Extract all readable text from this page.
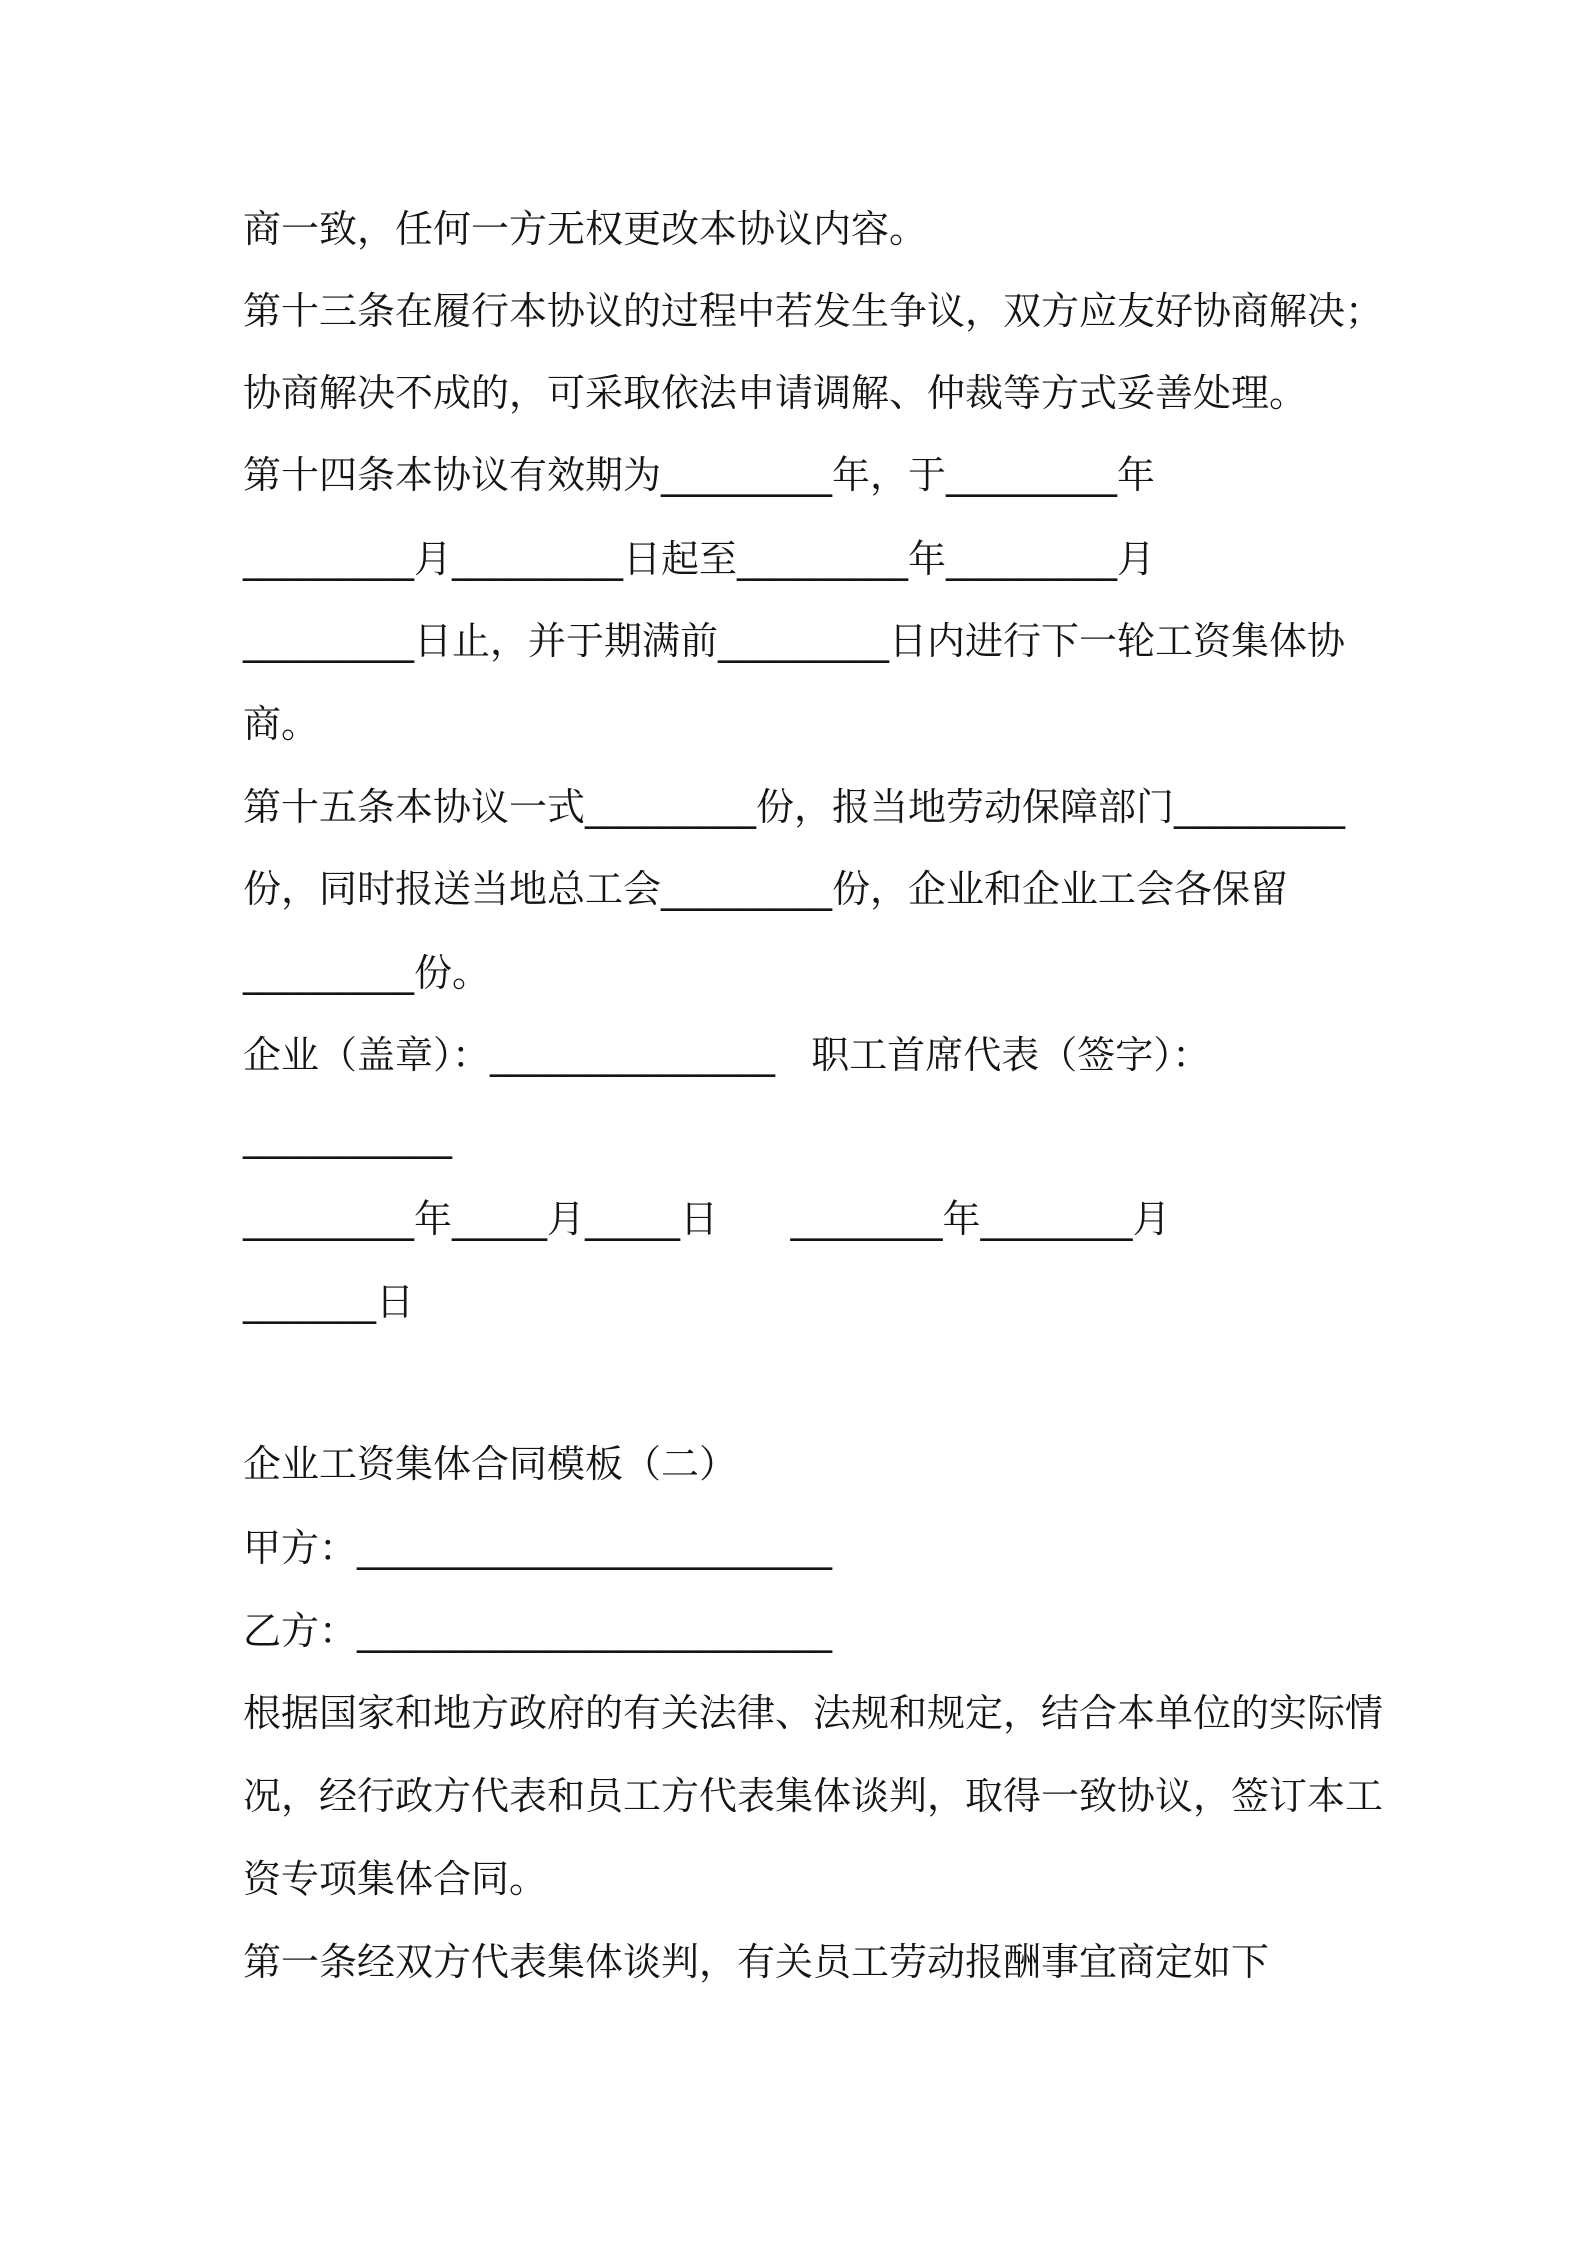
商一致，任何一方无权更改本协议内容。
第十三条在履行本协议的过程中若发生争议，双方应友好协商解决；
协商解决不成的，可采取依法申请调解、仲裁等方式妥善处理。
第十四条本协议有效期为_________年，于_________年
_________月_________日起至_________年_________月
_________日止，并于期满前_________日内进行下一轮工资集体协
商。
第十五条本协议一式_________份，报当地劳动保障部门_________
份，同时报送当地总工会_________份，企业和企业工会各保留
_________份。
企业（盖章）：_______________   职工首席代表（签字）：
___________
_________年_____月_____日      ________年________月
_______日
企业工资集体合同模板（二）
甲方：_________________________
乙方：_________________________
根据国家和地方政府的有关法律、法规和规定，结合本单位的实际情
况，经行政方代表和员工方代表集体谈判，取得一致协议，签订本工
资专项集体合同。
第一条经双方代表集体谈判，有关员工劳动报酬事宜商定如下
